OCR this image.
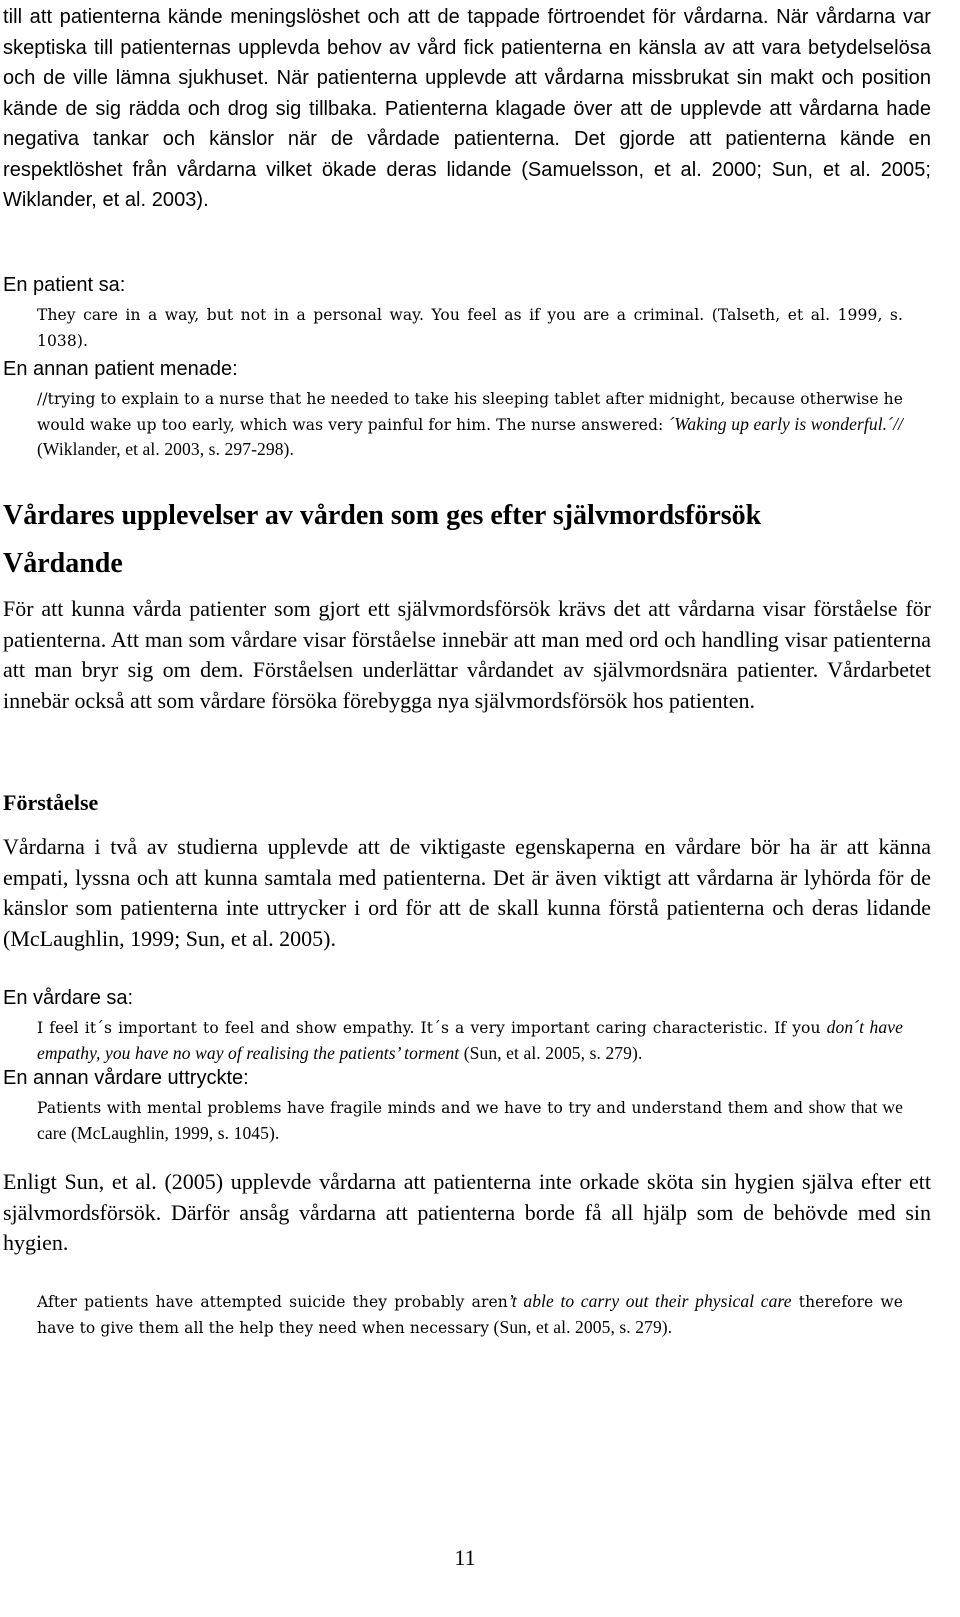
till att patienterna kände meningslöshet och att de tappade förtroendet för vårdarna. När vårdarna var skeptiska till patienternas upplevda behov av vård fick patienterna en känsla av att vara betydelselösa och de ville lämna sjukhuset. När patienterna upplevde att vårdarna missbrukat sin makt och position kände de sig rädda och drog sig tillbaka. Patienterna klagade över att de upplevde att vårdarna hade negativa tankar och känslor när de vårdade patienterna. Det gjorde att patienterna kände en respektlöshet från vårdarna vilket ökade deras lidande (Samuelsson, et al. 2000; Sun, et al. 2005; Wiklander, et al. 2003).

En patient sa:

They care in a way, but not in a personal way. You feel as if you are a criminal. (Talseth, et al. 1999, s. 1038).

En annan patient menade:

//trying to explain to a nurse that he needed to take his sleeping tablet after midnight, because otherwise he would wake up too early, which was very painful for him. The nurse answered: ´Waking up early is wonderful.´// (Wiklander, et al. 2003, s. 297-298).

Vårdares upplevelser av vården som ges efter självmordsförsök
Vårdande

För att kunna vårda patienter som gjort ett självmordsförsök krävs det att vårdarna visar förståelse för patienterna. Att man som vårdare visar förståelse innebär att man med ord och handling visar patienterna att man bryr sig om dem. Förståelsen underlättar vårdandet av självmordsnära patienter. Vårdarbetet innebär också att som vårdare försöka förebygga nya självmordsförsök hos patienten.

Förståelse

Vårdarna i två av studierna upplevde att de viktigaste egenskaperna en vårdare bör ha är att känna empati, lyssna och att kunna samtala med patienterna. Det är även viktigt att vårdarna är lyhörda för de känslor som patienterna inte uttrycker i ord för att de skall kunna förstå patienterna och deras lidande (McLaughlin, 1999; Sun, et al. 2005).

En vårdare sa:

I feel it´s important to feel and show empathy. It´s a very important caring characteristic. If you don´t have empathy, you have no way of realising the patients’ torment (Sun, et al. 2005, s. 279).

En annan vårdare uttryckte:

Patients with mental problems have fragile minds and we have to try and understand them and show that we care (McLaughlin, 1999, s. 1045).

Enligt Sun, et al. (2005) upplevde vårdarna att patienterna inte orkade sköta sin hygien själva efter ett självmordsförsök. Därför ansåg vårdarna att patienterna borde få all hjälp som de behövde med sin hygien.

After patients have attempted suicide they probably aren’t able to carry out their physical care therefore we have to give them all the help they need when necessary (Sun, et al. 2005, s. 279).

11
